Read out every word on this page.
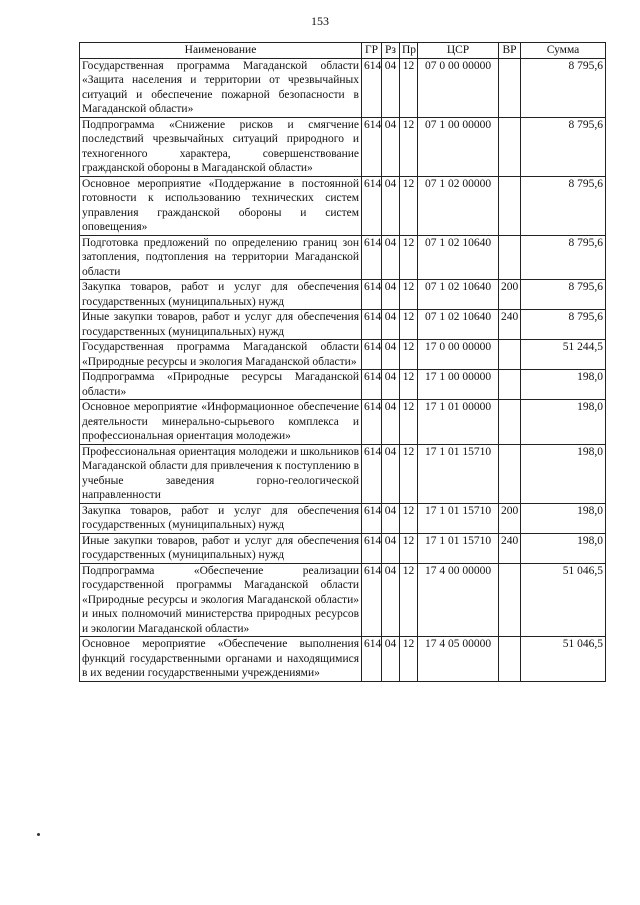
153
Наименование	ГР	Рз	Пр	ЦСР	ВР	Сумма
Государственная программа Магаданской области «Защита населения и территории от чрезвычайных ситуаций и обеспечение пожарной безопасности в Магаданской области»	614	04	12	07 0 00 00000		8 795,6
Подпрограмма «Снижение рисков и смягчение последствий чрезвычайных ситуаций природного и техногенного характера, совершенствование гражданской обороны в Магаданской области»	614	04	12	07 1 00 00000		8 795,6
Основное мероприятие «Поддержание в постоянной готовности к использованию технических систем управления гражданской обороны и систем оповещения»	614	04	12	07 1 02 00000		8 795,6
Подготовка предложений по определению границ зон затопления, подтопления на территории Магаданской области	614	04	12	07 1 02 10640		8 795,6
Закупка товаров, работ и услуг для обеспечения государственных (муниципальных) нужд	614	04	12	07 1 02 10640	200	8 795,6
Иные закупки товаров, работ и услуг для обеспечения государственных (муниципальных) нужд	614	04	12	07 1 02 10640	240	8 795,6
Государственная программа Магаданской области «Природные ресурсы и экология Магаданской области»	614	04	12	17 0 00 00000		51 244,5
Подпрограмма «Природные ресурсы Магаданской области»	614	04	12	17 1 00 00000		198,0
Основное мероприятие «Информационное обеспечение деятельности минерально-сырьевого комплекса и профессиональная ориентация молодежи»	614	04	12	17 1 01 00000		198,0
Профессиональная ориентация молодежи и школьников Магаданской области для привлечения к поступлению в учебные заведения горно-геологической направленности	614	04	12	17 1 01 15710		198,0
Закупка товаров, работ и услуг для обеспечения государственных (муниципальных) нужд	614	04	12	17 1 01 15710	200	198,0
Иные закупки товаров, работ и услуг для обеспечения государственных (муниципальных) нужд	614	04	12	17 1 01 15710	240	198,0
Подпрограмма «Обеспечение реализации государственной программы Магаданской области «Природные ресурсы и экология Магаданской области» и иных полномочий министерства природных ресурсов и экологии Магаданской области»	614	04	12	17 4 00 00000		51 046,5
Основное мероприятие «Обеспечение выполнения функций государственными органами и находящимися в их ведении государственными учреждениями»	614	04	12	17 4 05 00000		51 046,5
